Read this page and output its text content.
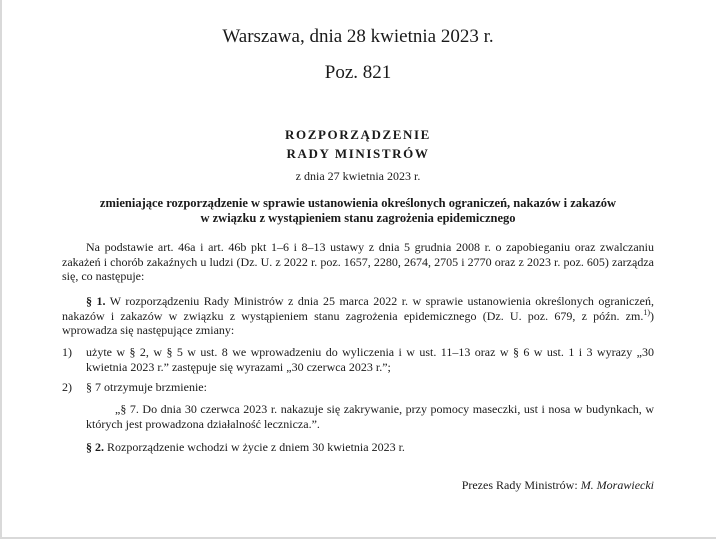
Warszawa, dnia 28 kwietnia 2023 r.
Poz. 821
ROZPORZĄDZENIE
RADY MINISTRÓW
z dnia 27 kwietnia 2023 r.
zmieniające rozporządzenie w sprawie ustanowienia określonych ograniczeń, nakazów i zakazów
w związku z wystąpieniem stanu zagrożenia epidemicznego
Na podstawie art. 46a i art. 46b pkt 1–6 i 8–13 ustawy z dnia 5 grudnia 2008 r. o zapobieganiu oraz zwalczaniu zakażeń i chorób zakaźnych u ludzi (Dz. U. z 2022 r. poz. 1657, 2280, 2674, 2705 i 2770 oraz z 2023 r. poz. 605) zarządza się, co następuje:
§ 1. W rozporządzeniu Rady Ministrów z dnia 25 marca 2022 r. w sprawie ustanowienia określonych ograniczeń, nakazów i zakazów w związku z wystąpieniem stanu zagrożenia epidemicznego (Dz. U. poz. 679, z późn. zm.$^{1)}$) wprowadza się następujące zmiany:
1) użyte w § 2, w § 5 w ust. 8 we wprowadzeniu do wyliczenia i w ust. 11–13 oraz w § 6 w ust. 1 i 3 wyrazy „30 kwietnia 2023 r.” zastępuje się wyrazami „30 czerwca 2023 r.”;
2) § 7 otrzymuje brzmienie:
„§ 7. Do dnia 30 czerwca 2023 r. nakazuje się zakrywanie, przy pomocy maseczki, ust i nosa w budynkach, w których jest prowadzona działalność lecznicza.”.
§ 2. Rozporządzenie wchodzi w życie z dniem 30 kwietnia 2023 r.
Prezes Rady Ministrów: M. Morawiecki
